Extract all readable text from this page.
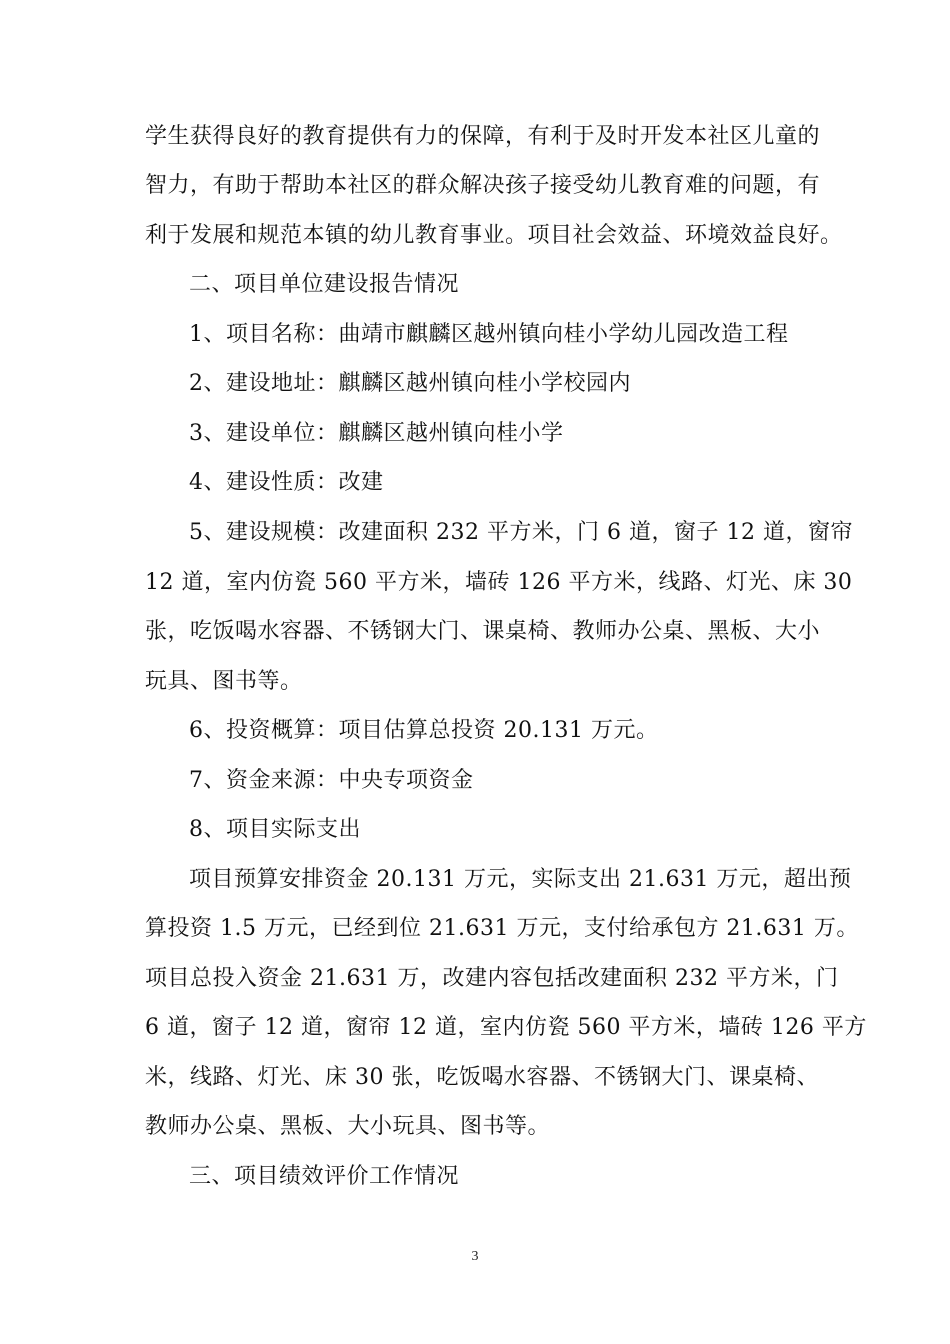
学生获得良好的教育提供有力的保障，有利于及时开发本社区儿童的
智力，有助于帮助本社区的群众解决孩子接受幼儿教育难的问题，有
利于发展和规范本镇的幼儿教育事业。项目社会效益、环境效益良好。
二、项目单位建设报告情况
1、项目名称：曲靖市麒麟区越州镇向桂小学幼儿园改造工程
2、建设地址：麒麟区越州镇向桂小学校园内
3、建设单位：麒麟区越州镇向桂小学
4、建设性质：改建
5、建设规模：改建面积 232 平方米，门 6 道，窗子 12 道，窗帘
12 道，室内仿瓷 560 平方米，墙砖 126 平方米，线路、灯光、床 30
张，吃饭喝水容器、不锈钢大门、课桌椅、教师办公桌、黑板、大小
玩具、图书等。
6、投资概算：项目估算总投资 20.131 万元。
7、资金来源：中央专项资金
8、项目实际支出
项目预算安排资金 20.131 万元，实际支出 21.631 万元，超出预
算投资 1.5 万元，已经到位 21.631 万元，支付给承包方 21.631 万。
项目总投入资金 21.631 万，改建内容包括改建面积 232 平方米，门
6 道，窗子 12 道，窗帘 12 道，室内仿瓷 560 平方米，墙砖 126 平方
米，线路、灯光、床 30 张，吃饭喝水容器、不锈钢大门、课桌椅、
教师办公桌、黑板、大小玩具、图书等。
三、项目绩效评价工作情况
3
